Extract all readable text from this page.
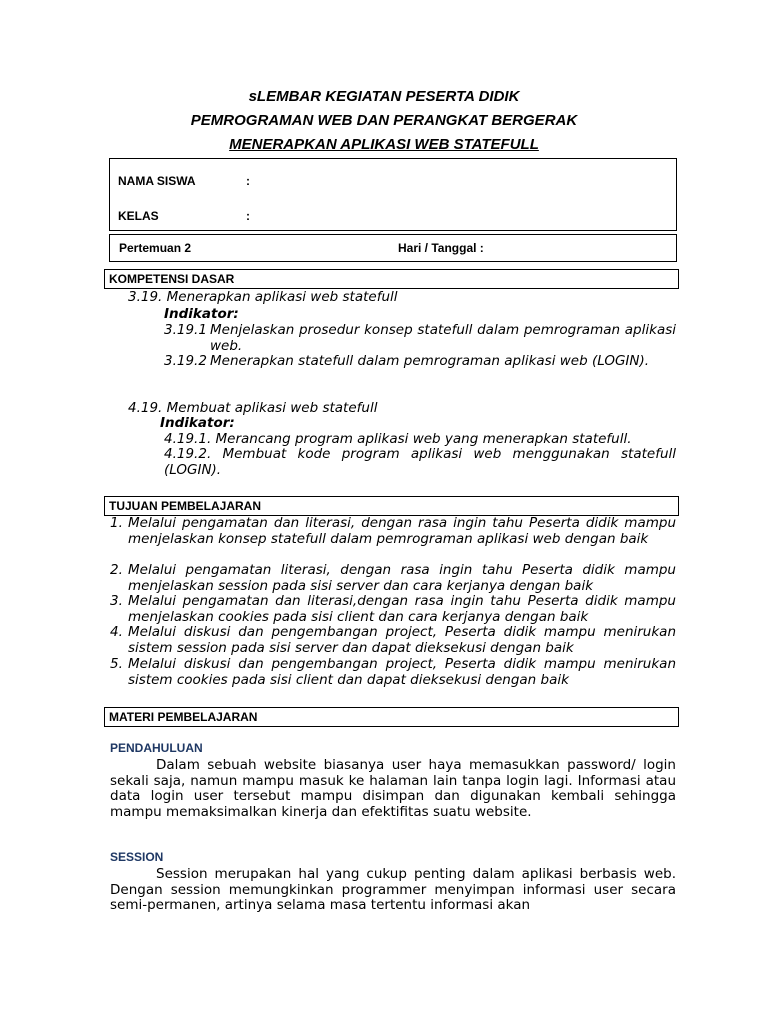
sLEMBAR KEGIATAN PESERTA DIDIK
PEMROGRAMAN WEB DAN PERANGKAT BERGERAK
MENERAPKAN APLIKASI WEB STATEFULL
NAMA SISWA	:
KELAS	:
Pertemuan 2	Hari / Tanggal :
KOMPETENSI DASAR
3.19. Menerapkan aplikasi web statefull
Indikator:
3.19.1 Menjelaskan prosedur konsep statefull dalam pemrograman aplikasi web.
3.19.2 Menerapkan statefull dalam pemrograman aplikasi web (LOGIN).
4.19. Membuat aplikasi web statefull
Indikator:
4.19.1. Merancang program aplikasi web yang menerapkan statefull.
4.19.2. Membuat kode program aplikasi web menggunakan statefull (LOGIN).
TUJUAN PEMBELAJARAN
1. Melalui pengamatan dan literasi, dengan rasa ingin tahu Peserta didik mampu menjelaskan konsep statefull dalam pemrograman aplikasi web dengan baik
2. Melalui pengamatan literasi, dengan rasa ingin tahu Peserta didik mampu menjelaskan session pada sisi server dan cara kerjanya dengan baik
3. Melalui pengamatan dan literasi,dengan rasa ingin tahu Peserta didik mampu menjelaskan cookies pada sisi client dan cara kerjanya dengan baik
4. Melalui diskusi dan pengembangan project, Peserta didik mampu menirukan sistem session pada sisi server dan dapat dieksekusi dengan baik
5. Melalui diskusi dan pengembangan project, Peserta didik mampu menirukan sistem cookies pada sisi client dan dapat dieksekusi dengan baik
MATERI PEMBELAJARAN
PENDAHULUAN
Dalam sebuah website biasanya user haya memasukkan password/ login sekali saja, namun mampu masuk ke halaman lain tanpa login lagi. Informasi atau data login user tersebut mampu disimpan dan digunakan kembali sehingga mampu memaksimalkan kinerja dan efektifitas suatu website.
SESSION
Session merupakan hal yang cukup penting dalam aplikasi berbasis web. Dengan session memungkinkan programmer menyimpan informasi user secara semi-permanen, artinya selama masa tertentu informasi akan
